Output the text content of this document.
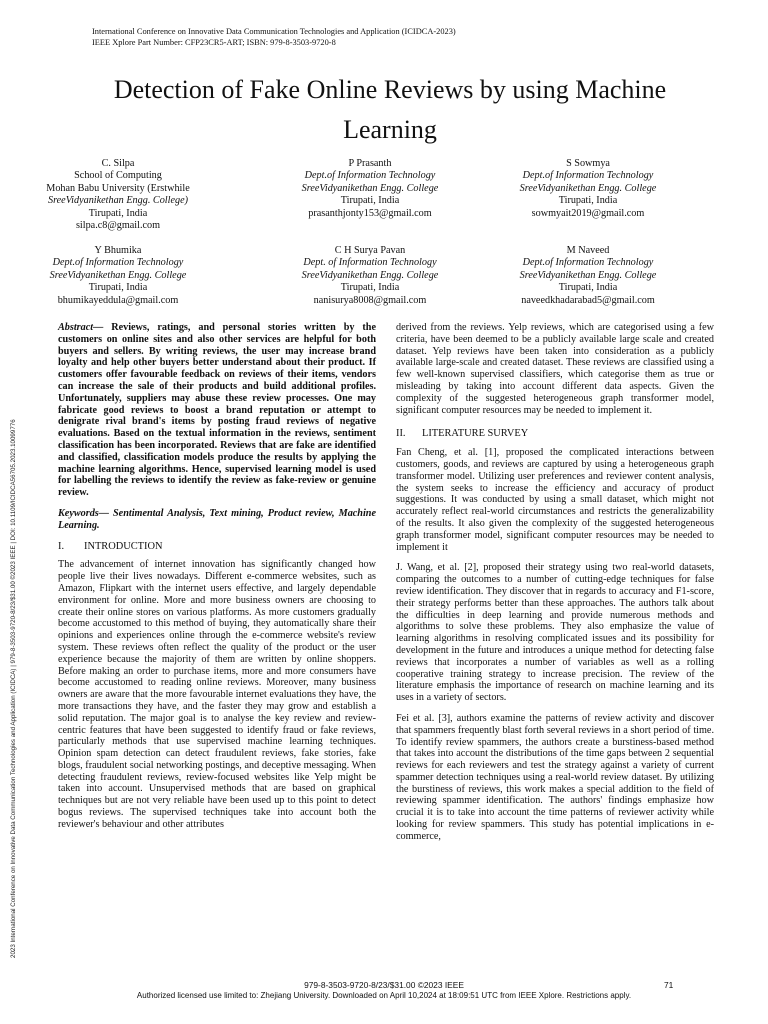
International Conference on Innovative Data Communication Technologies and Application (ICIDCA-2023)
IEEE Xplore Part Number: CFP23CR5-ART; ISBN: 979-8-3503-9720-8
2023 International Conference on Innovative Data Communication Technologies and Application (ICIDCA) | 979-8-3503-9720-8/23/$31.00 ©2023 IEEE | DOI: 10.1109/ICIDCA56705.2023.10099776
Detection of Fake Online Reviews by using Machine Learning
C. Silpa
School of Computing
Mohan Babu University (Erstwhile
SreeVidyanikethan Engg. College)
Tirupati, India
silpa.c8@gmail.com
P Prasanth
Dept.of Information Technology
SreeVidyanikethan Engg. College
Tirupati, India
prasanthjonty153@gmail.com
S Sowmya
Dept.of Information Technology
SreeVidyanikethan Engg. College
Tirupati, India
sowmyait2019@gmail.com
Y Bhumika
Dept.of Information Technology
SreeVidyanikethan Engg. College
Tirupati, India
bhumikayeddula@gmail.com
C H Surya Pavan
Dept. of Information Technology
SreeVidyanikethan Engg. College
Tirupati, India
nanisurya8008@gmail.com
M Naveed
Dept.of Information Technology
SreeVidyanikethan Engg. College
Tirupati, India
naveedkhadarabad5@gmail.com

Abstract— Reviews, ratings, and personal stories written by the customers on online sites and also other services are helpful for both buyers and sellers. By writing reviews, the user may increase brand loyalty and help other buyers better understand about their product. If customers offer favourable feedback on reviews of their items, vendors can increase the sale of their products and build additional profiles. Unfortunately, suppliers may abuse these review processes. One may fabricate good reviews to boost a brand reputation or attempt to denigrate rival brand's items by posting fraud reviews of negative evaluations. Based on the textual information in the reviews, sentiment classification has been incorporated. Reviews that are fake are identified and classified, classification models produce the results by applying the machine learning algorithms. Hence, supervised learning model is used for labelling the reviews to identify the review as fake-review or genuine review.

Keywords— Sentimental Analysis, Text mining, Product review, Machine Learning.

I. INTRODUCTION

The advancement of internet innovation has significantly changed how people live their lives nowadays. Different e-commerce websites, such as Amazon, Flipkart with the internet users effective, and largely dependable environment for online. More and more business owners are choosing to create their online stores on various platforms. As more customers gradually become accustomed to this method of buying, they automatically share their opinions and experiences online through the e-commerce website's review system. These reviews often reflect the quality of the product or the user experience because the majority of them are written by online shoppers. Before making an order to purchase items, more and more consumers have become accustomed to reading online reviews. Moreover, many business owners are aware that the more favourable internet evaluations they have, the more transactions they have, and the faster they may grow and establish a solid reputation. The major goal is to analyse the key review and review-centric features that have been suggested to identify fraud or fake reviews, particularly methods that use supervised machine learning techniques. Opinion spam detection can detect fraudulent reviews, fake stories, fake blogs, fraudulent social networking postings, and deceptive messaging. When detecting fraudulent reviews, review-focused websites like Yelp might be taken into account. Unsupervised methods that are based on graphical techniques but are not very reliable have been used up to this point to detect bogus reviews. The supervised techniques take into account both the reviewer's behaviour and other attributes

derived from the reviews. Yelp reviews, which are categorised using a few criteria, have been deemed to be a publicly available large scale and created dataset. Yelp reviews have been taken into consideration as a publicly available large-scale and created dataset. These reviews are classified using a few well-known supervised classifiers, which categorise them as true or misleading by taking into account different data aspects. Given the complexity of the suggested heterogeneous graph transformer model, significant computer resources may be needed to implement it.

II. LITERATURE SURVEY

Fan Cheng, et al. [1], proposed the complicated interactions between customers, goods, and reviews are captured by using a heterogeneous graph transformer model. Utilizing user preferences and reviewer content analysis, the system seeks to increase the efficiency and accuracy of product suggestions. It was conducted by using a small dataset, which might not accurately reflect real-world circumstances and restricts the generalizability of the results. It also given the complexity of the suggested heterogeneous graph transformer model, significant computer resources may be needed to implement it

J. Wang, et al. [2], proposed their strategy using two real-world datasets, comparing the outcomes to a number of cutting-edge techniques for false review identification. They discover that in regards to accuracy and F1-score, their strategy performs better than these approaches. The authors talk about the difficulties in deep learning and provide numerous methods and algorithms to solve these problems. They also emphasize the value of learning algorithms in resolving complicated issues and its possibility for development in the future and introduces a unique method for detecting false reviews that incorporates a number of variables as well as a rolling cooperative training strategy to increase precision. The review of the literature emphasis the importance of research on machine learning and its uses in a variety of sectors.

Fei et al. [3], authors examine the patterns of review activity and discover that spammers frequently blast forth several reviews in a short period of time. To identify review spammers, the authors create a burstiness-based method that takes into account the distributions of the time gaps between 2 sequential reviews for each reviewers and test the strategy against a variety of current spammer detection techniques using a real-world review dataset. By utilizing the burstiness of reviews, this work makes a special addition to the field of reviewing spammer identification. The authors' findings emphasize how crucial it is to take into account the time patterns of reviewer activity while looking for review spammers. This study has potential implications in e-commerce,

979-8-3503-9720-8/23/$31.00 ©2023 IEEE	71
Authorized licensed use limited to: Zhejiang University. Downloaded on April 10,2024 at 18:09:51 UTC from IEEE Xplore. Restrictions apply.
